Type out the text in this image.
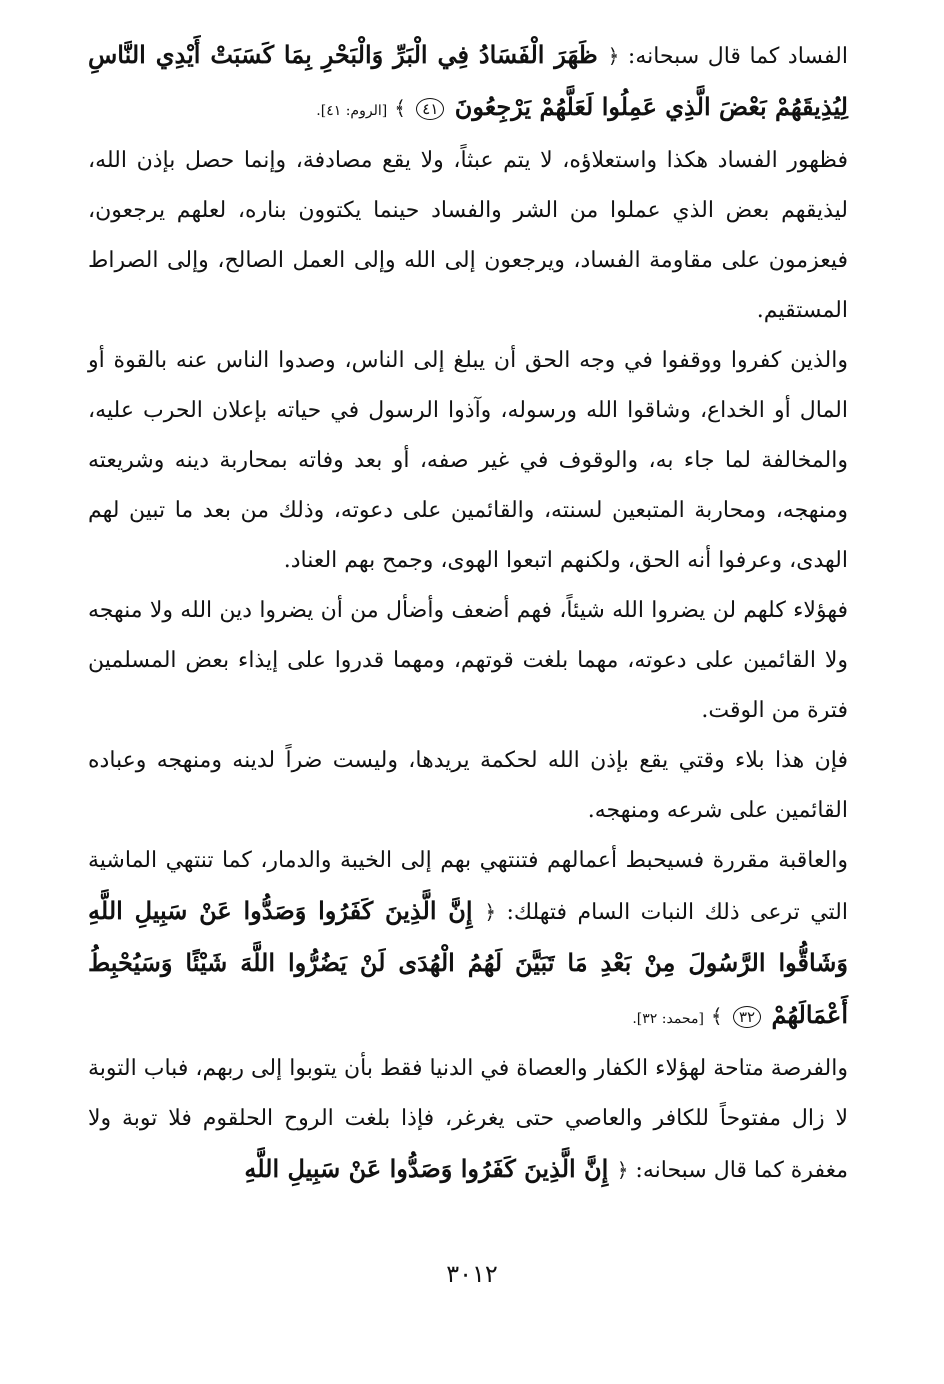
الفساد كما قال سبحانه: ﴿ ظَهَرَ الْفَسَادُ فِي الْبَرِّ وَالْبَحْرِ بِمَا كَسَبَتْ أَيْدِي النَّاسِ لِيُذِيقَهُمْ بَعْضَ الَّذِي عَمِلُوا لَعَلَّهُمْ يَرْجِعُونَ ٤١ ﴾ [الروم: ٤١].

فظهور الفساد هكذا واستعلاؤه، لا يتم عبثاً، ولا يقع مصادفة، وإنما حصل بإذن الله، ليذيقهم بعض الذي عملوا من الشر والفساد حينما يكتوون بناره، لعلهم يرجعون، فيعزمون على مقاومة الفساد، ويرجعون إلى الله وإلى العمل الصالح، وإلى الصراط المستقيم.

والذين كفروا ووقفوا في وجه الحق أن يبلغ إلى الناس، وصدوا الناس عنه بالقوة أو المال أو الخداع، وشاقوا الله ورسوله، وآذوا الرسول في حياته بإعلان الحرب عليه، والمخالفة لما جاء به، والوقوف في غير صفه، أو بعد وفاته بمحاربة دينه وشريعته ومنهجه، ومحاربة المتبعين لسنته، والقائمين على دعوته، وذلك من بعد ما تبين لهم الهدى، وعرفوا أنه الحق، ولكنهم اتبعوا الهوى، وجمح بهم العناد.

فهؤلاء كلهم لن يضروا الله شيئاً، فهم أضعف وأضأل من أن يضروا دين الله ولا منهجه ولا القائمين على دعوته، مهما بلغت قوتهم، ومهما قدروا على إيذاء بعض المسلمين فترة من الوقت.

فإن هذا بلاء وقتي يقع بإذن الله لحكمة يريدها، وليست ضراً لدينه ومنهجه وعباده القائمين على شرعه ومنهجه.

والعاقبة مقررة فسيحبط أعمالهم فتنتهي بهم إلى الخيبة والدمار، كما تنتهي الماشية التي ترعى ذلك النبات السام فتهلك: ﴿ إِنَّ الَّذِينَ كَفَرُوا وَصَدُّوا عَنْ سَبِيلِ اللَّهِ وَشَاقُّوا الرَّسُولَ مِنْ بَعْدِ مَا تَبَيَّنَ لَهُمُ الْهُدَى لَنْ يَضُرُّوا اللَّهَ شَيْئًا وَسَيُحْبِطُ أَعْمَالَهُمْ ٣٢ ﴾ [محمد: ٣٢].

والفرصة متاحة لهؤلاء الكفار والعصاة في الدنيا فقط بأن يتوبوا إلى ربهم، فباب التوبة لا زال مفتوحاً للكافر والعاصي حتى يغرغر، فإذا بلغت الروح الحلقوم فلا توبة ولا مغفرة كما قال سبحانه: ﴿ إِنَّ الَّذِينَ كَفَرُوا وَصَدُّوا عَنْ سَبِيلِ اللَّهِ

٣٠١٢
